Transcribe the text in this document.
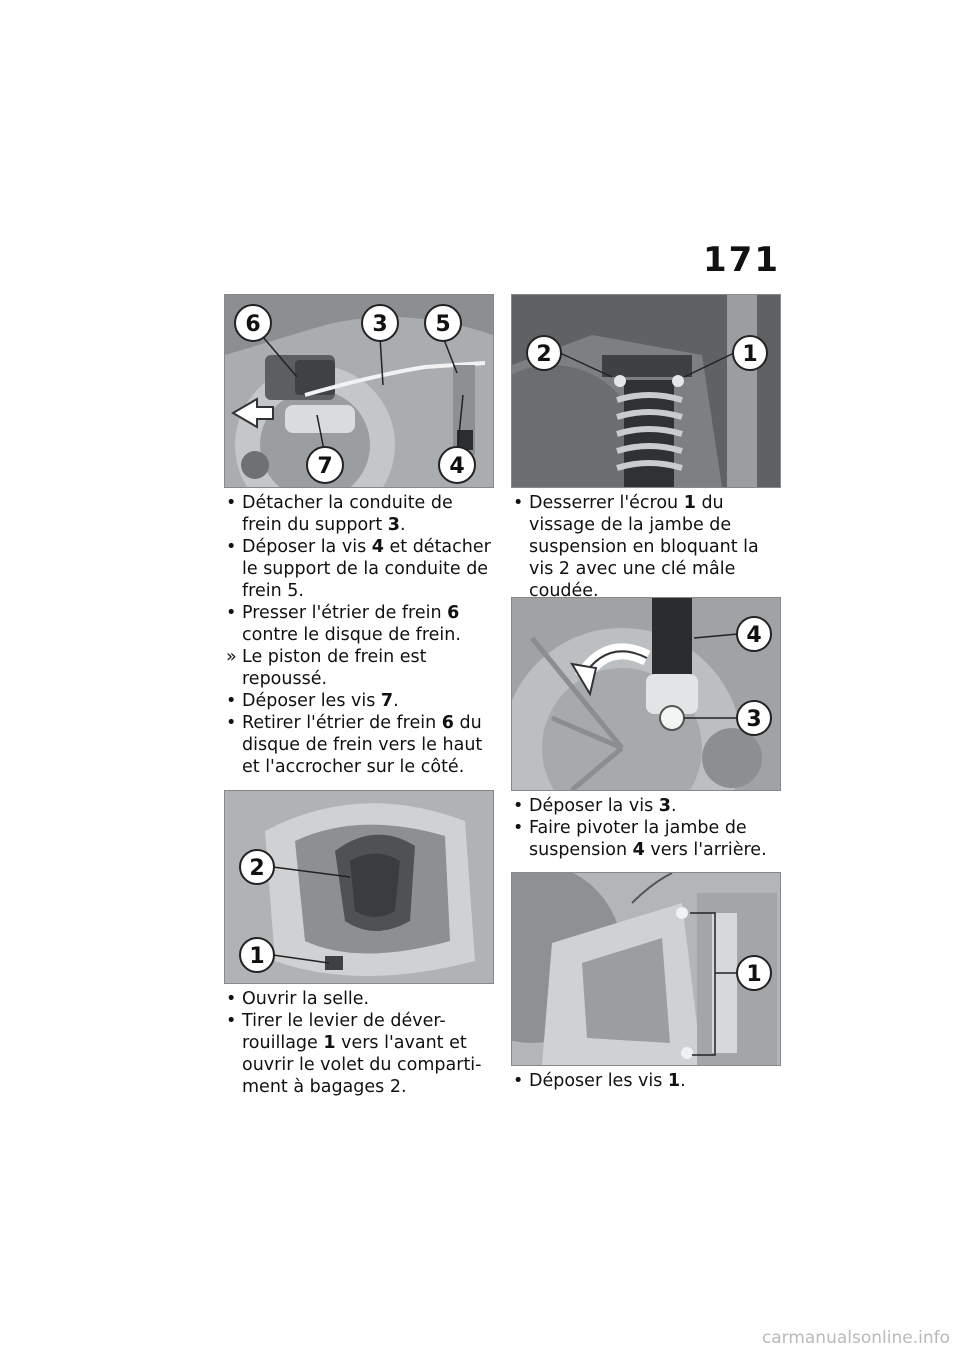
171
6	3 5
7	4
2	1
4
3
1
2
1
• Détacher la conduite de frein du support 3.
• Déposer la vis 4 et détacher le support de la conduite de frein 5.
• Presser l'étrier de frein 6 contre le disque de frein.
» Le piston de frein est repoussé.
• Déposer les vis 7.
• Retirer l'étrier de frein 6 du disque de frein vers le haut et l'accrocher sur le côté.
• Ouvrir la selle.
• Tirer le levier de déver-rouillage 1 vers l'avant et ouvrir le volet du comparti-ment à bagages 2.
• Desserrer l'écrou 1 du vissage de la jambe de suspension en bloquant la vis 2 avec une clé mâle coudée.
• Déposer la vis 3.
• Faire pivoter la jambe de suspension 4 vers l'arrière.
• Déposer les vis 1.
carmanualsonline.info
